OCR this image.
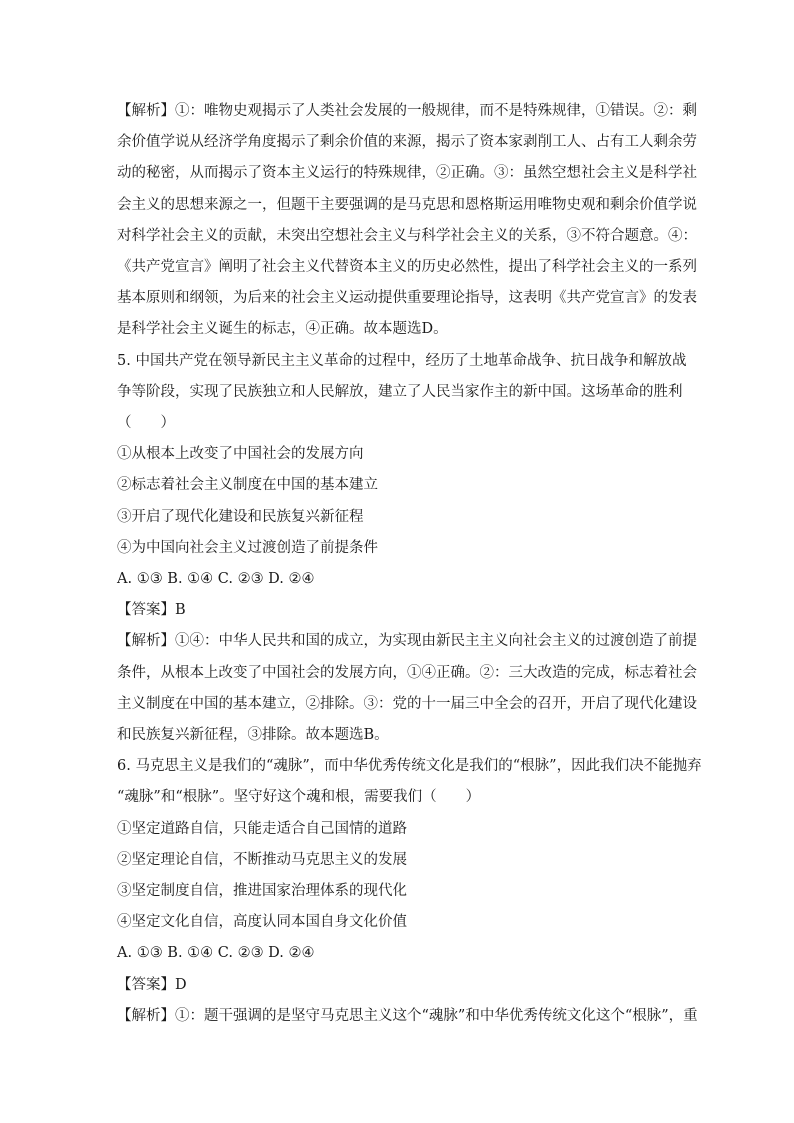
【解析】①：唯物史观揭示了人类社会发展的一般规律，而不是特殊规律，①错误。②：剩
余价值学说从经济学角度揭示了剩余价值的来源，揭示了资本家剥削工人、占有工人剩余劳
动的秘密，从而揭示了资本主义运行的特殊规律，②正确。③：虽然空想社会主义是科学社
会主义的思想来源之一，但题干主要强调的是马克思和恩格斯运用唯物史观和剩余价值学说
对科学社会主义的贡献，未突出空想社会主义与科学社会主义的关系，③不符合题意。④：
《共产党宣言》阐明了社会主义代替资本主义的历史必然性，提出了科学社会主义的一系列
基本原则和纲领，为后来的社会主义运动提供重要理论指导，这表明《共产党宣言》的发表
是科学社会主义诞生的标志，④正确。故本题选D。
5. 中国共产党在领导新民主主义革命的过程中，经历了土地革命战争、抗日战争和解放战
争等阶段，实现了民族独立和人民解放，建立了人民当家作主的新中国。这场革命的胜利
（　　）
①从根本上改变了中国社会的发展方向
②标志着社会主义制度在中国的基本建立
③开启了现代化建设和民族复兴新征程
④为中国向社会主义过渡创造了前提条件
A. ①③ B. ①④ C. ②③ D. ②④
【答案】B
【解析】①④：中华人民共和国的成立，为实现由新民主主义向社会主义的过渡创造了前提
条件，从根本上改变了中国社会的发展方向，①④正确。②：三大改造的完成，标志着社会
主义制度在中国的基本建立，②排除。③：党的十一届三中全会的召开，开启了现代化建设
和民族复兴新征程，③排除。故本题选B。
6. 马克思主义是我们的“魂脉”，而中华优秀传统文化是我们的“根脉”，因此我们决不能抛弃
“魂脉”和“根脉”。坚守好这个魂和根，需要我们（　　）
①坚定道路自信，只能走适合自己国情的道路
②坚定理论自信，不断推动马克思主义的发展
③坚定制度自信，推进国家治理体系的现代化
④坚定文化自信，高度认同本国自身文化价值
A. ①③ B. ①④ C. ②③ D. ②④
【答案】D
【解析】①：题干强调的是坚守马克思主义这个“魂脉”和中华优秀传统文化这个“根脉”，重
